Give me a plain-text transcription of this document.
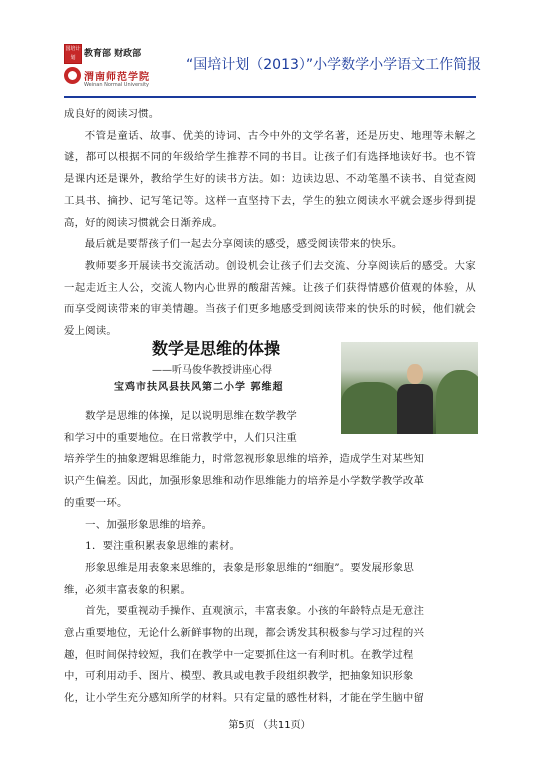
国培计划 教育部 财政部
渭南师范学院
Weinan Normal University
“国培计划（2013）”小学数学小学语文工作简报

成良好的阅读习惯。

不管是童话、故事、优美的诗词、古今中外的文学名著，还是历史、地理等未解之谜，都可以根据不同的年级给学生推荐不同的书目。让孩子们有选择地读好书。也不管是课内还是课外，教给学生好的读书方法。如：边读边思、不动笔墨不读书、自觉查阅工具书、摘抄、记写笔记等。这样一直坚持下去，学生的独立阅读水平就会逐步得到提高，好的阅读习惯就会日渐养成。

最后就是要帮孩子们一起去分享阅读的感受，感受阅读带来的快乐。

教师要多开展读书交流活动。创设机会让孩子们去交流、分享阅读后的感受。大家一起走近主人公，交流人物内心世界的酸甜苦辣。让孩子们获得情感价值观的体验，从而享受阅读带来的审美情趣。当孩子们更多地感受到阅读带来的快乐的时候，他们就会爱上阅读。

数学是思维的体操
——听马俊华教授讲座心得
宝鸡市扶风县扶风第二小学 郭维超
　　数学是思维的体操，足以说明思维在数学教学
和学习中的重要地位。在日常教学中，人们只注重
培养学生的抽象逻辑思维能力，时常忽视形象思维的培养，造成学生对某些知
识产生偏差。因此，加强形象思维和动作思维能力的培养是小学数学教学改革
的重要一环。
　　一、加强形象思维的培养。
　　1．要注重积累表象思维的素材。
　　形象思维是用表象来思维的，表象是形象思维的“细胞”。要发展形象思
维，必须丰富表象的积累。
　　首先，要重视动手操作、直观演示，丰富表象。小孩的年龄特点是无意注
意占重要地位，无论什么新鲜事物的出现，都会诱发其积极参与学习过程的兴
趣，但时间保持较短，我们在教学中一定要抓住这一有利时机。在教学过程
中，可利用动手、图片、模型、教具或电教手段组织教学，把抽象知识形象
化，让小学生充分感知所学的材料。只有定量的感性材料，才能在学生脑中留
第5页 （共11页）
